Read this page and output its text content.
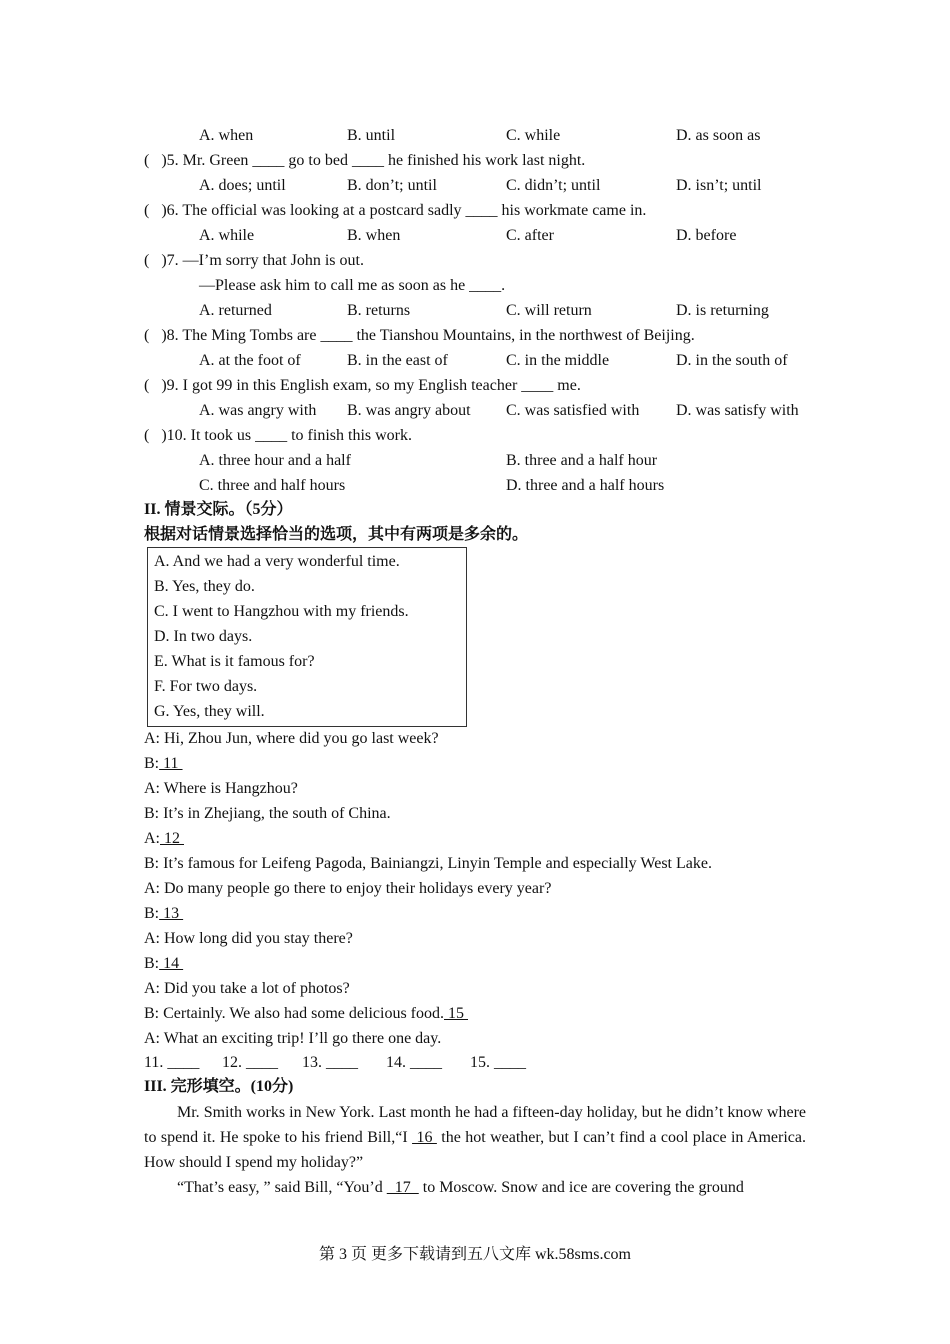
A. when	B. until	C. while	D. as soon as
(   )5. Mr. Green ____ go to bed ____ he finished his work last night.
A. does; until	B. don’t; until	C. didn’t; until	D. isn’t; until
(   )6. The official was looking at a postcard sadly ____ his workmate came in.
A. while	B. when	C. after	D. before
(   )7. —I’m sorry that John is out.
—Please ask him to call me as soon as he ____.
A. returned	B. returns	C. will return	D. is returning
(   )8. The Ming Tombs are ____ the Tianshou Mountains, in the northwest of Beijing.
A. at the foot of	B. in the east of	C. in the middle	D. in the south of
(   )9. I got 99 in this English exam, so my English teacher ____ me.
A. was angry with B. was angry about C. was satisfied with D. was satisfy with
(   )10. It took us ____ to finish this work.
A. three hour and a half	B. three and a half hour
C. three and half hours	D. three and a half hours
II. 情景交际。（5分）
根据对话情景选择恰当的选项，其中有两项是多余的。
A. And we had a very wonderful time.
B. Yes, they do.
C. I went to Hangzhou with my friends.
D. In two days.
E. What is it famous for?
F. For two days.
G. Yes, they will.
A: Hi, Zhou Jun, where did you go last week?
B: 11
A: Where is Hangzhou?
B: It’s in Zhejiang, the south of China.
A: 12
B: It’s famous for Leifeng Pagoda, Bainiangzi, Linyin Temple and especially West Lake.
A: Do many people go there to enjoy their holidays every year?
B: 13
A: How long did you stay there?
B: 14
A: Did you take a lot of photos?
B: Certainly. We also had some delicious food. 15
A: What an exciting trip! I’ll go there one day.
11. ____ 12. ____ 13. ____ 14. ____ 15. ____
III. 完形填空。(10分)
Mr. Smith works in New York. Last month he had a fifteen-day holiday, but he didn’t know where to spend it. He spoke to his friend Bill,“I  16  the hot weather, but I can’t find a cool place in America. How should I spend my holiday?”
“That’s easy, ” said Bill, “You’d   17   to Moscow. Snow and ice are covering the ground
第 3 页 更多下载请到五八文库 wk.58sms.com
